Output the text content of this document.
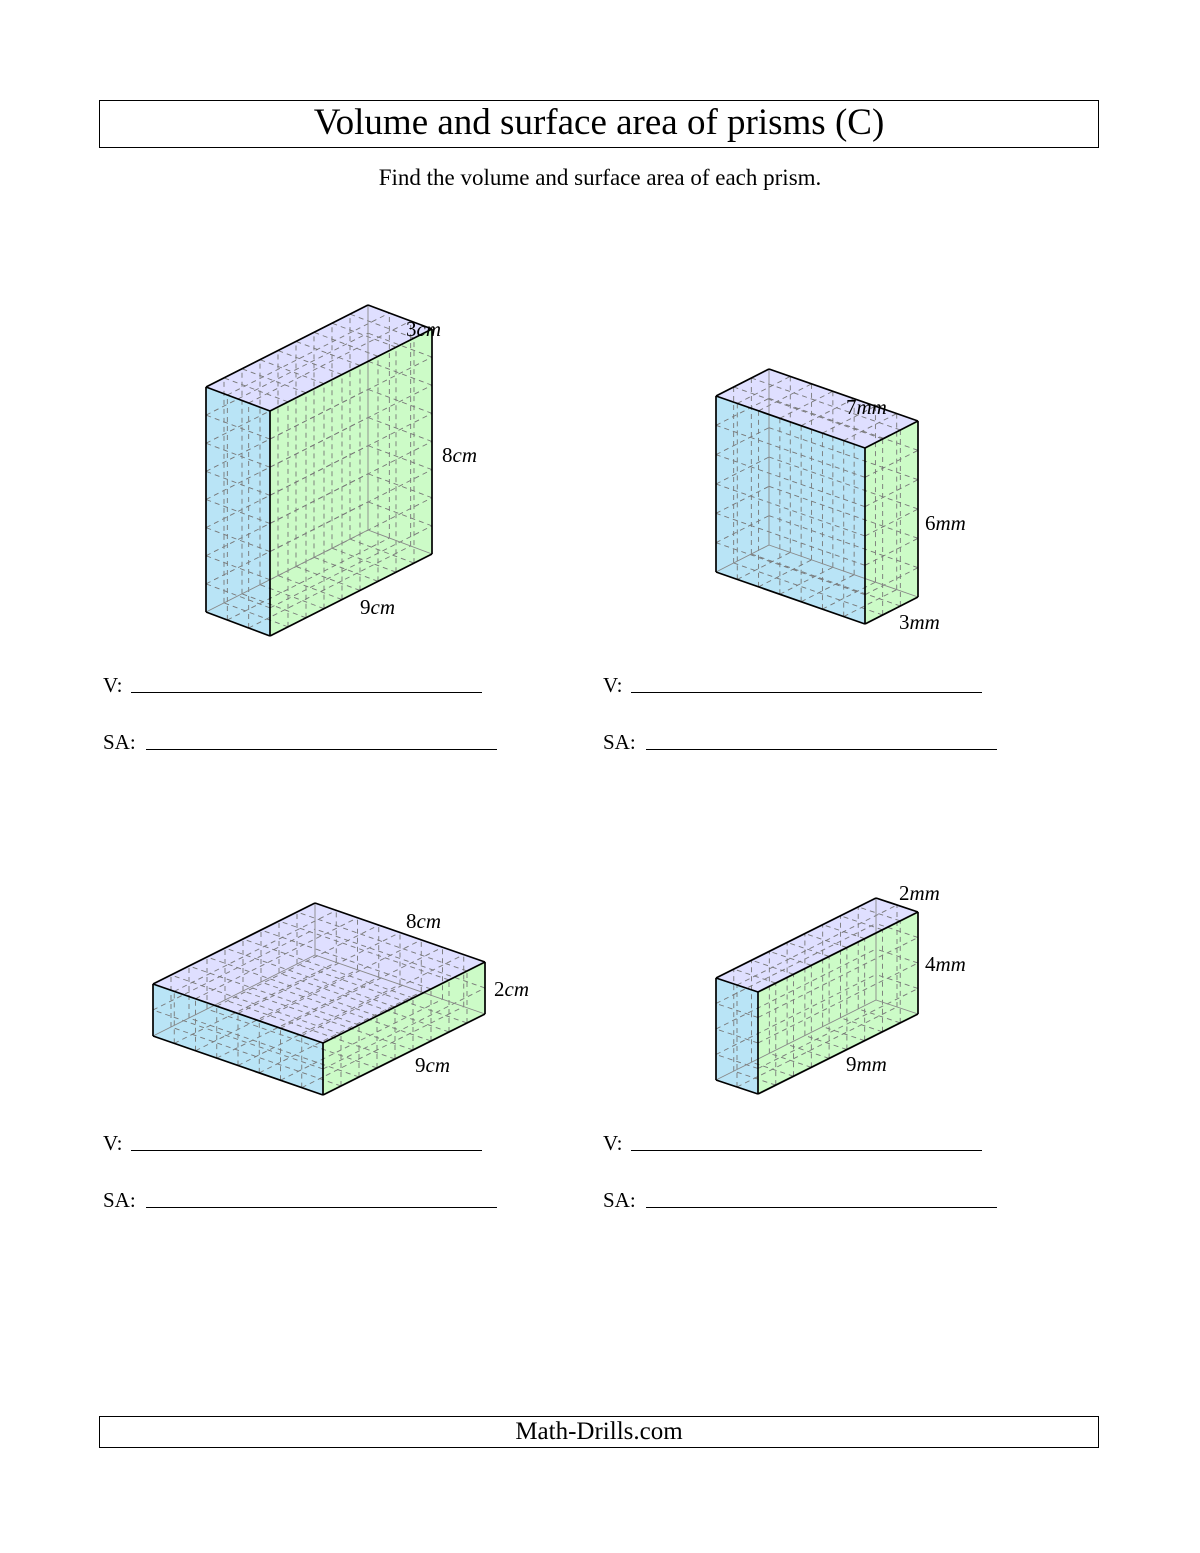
Volume and surface area of prisms (C)
Find the volume and surface area of each prism.
3cm
8cm
9cm
7mm
6mm
3mm
8cm
2cm
9cm
2mm
4mm
9mm
V:
SA:
V:
SA:
V:
SA:
V:
SA:
Math-Drills.com
